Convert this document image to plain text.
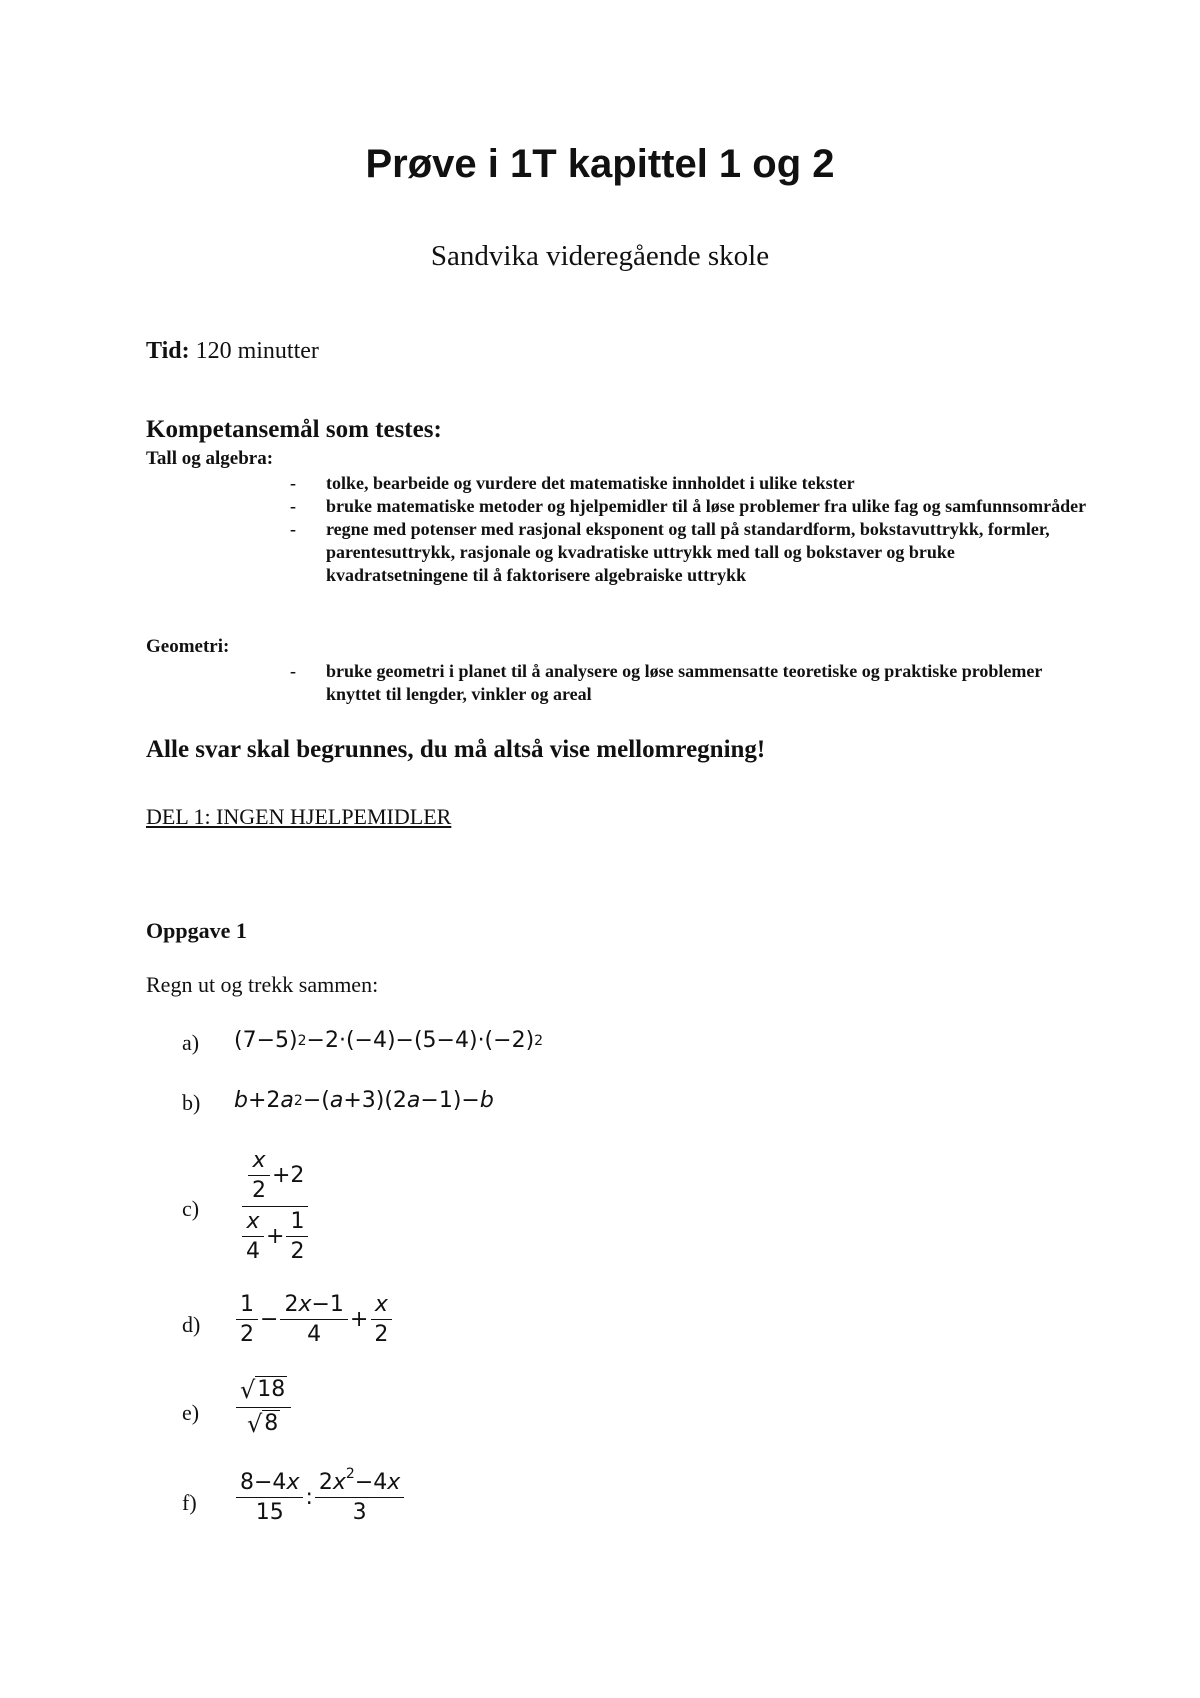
Prøve i 1T kapittel 1 og 2
Sandvika videregående skole
Tid: 120 minutter
Kompetansemål som testes:
Tall og algebra:
- tolke, bearbeide og vurdere det matematiske innholdet i ulike tekster
- bruke matematiske metoder og hjelpemidler til å løse problemer fra ulike fag og samfunnsområder
- regne med potenser med rasjonal eksponent og tall på standardform, bokstavuttrykk, formler, parentesuttrykk, rasjonale og kvadratiske uttrykk med tall og bokstaver og bruke kvadratsetningene til å faktorisere algebraiske uttrykk
Geometri:
- bruke geometri i planet til å analysere og løse sammensatte teoretiske og praktiske problemer knyttet til lengder, vinkler og areal
Alle svar skal begrunnes, du må altså vise mellomregning!
DEL 1: INGEN HJELPEMIDLER
Oppgave 1
Regn ut og trekk sammen:
a) (7−5) 2 −2·(−4)−(5−4)·(−2) 2
b) b +2 a 2 −( a +3)(2 a −1)− b
$c) \frac{\frac{x}{2} +2}{\frac{x}{4} + \frac{1}{2}}$
$d) \frac{1}{2} - \frac{2x-1}{4} + \frac{x}{2}$
$e) \frac{√ 18}{√ 8}$
$f) \frac{8-4x}{15}$ : $\frac{2x^2-4x}{3}$
